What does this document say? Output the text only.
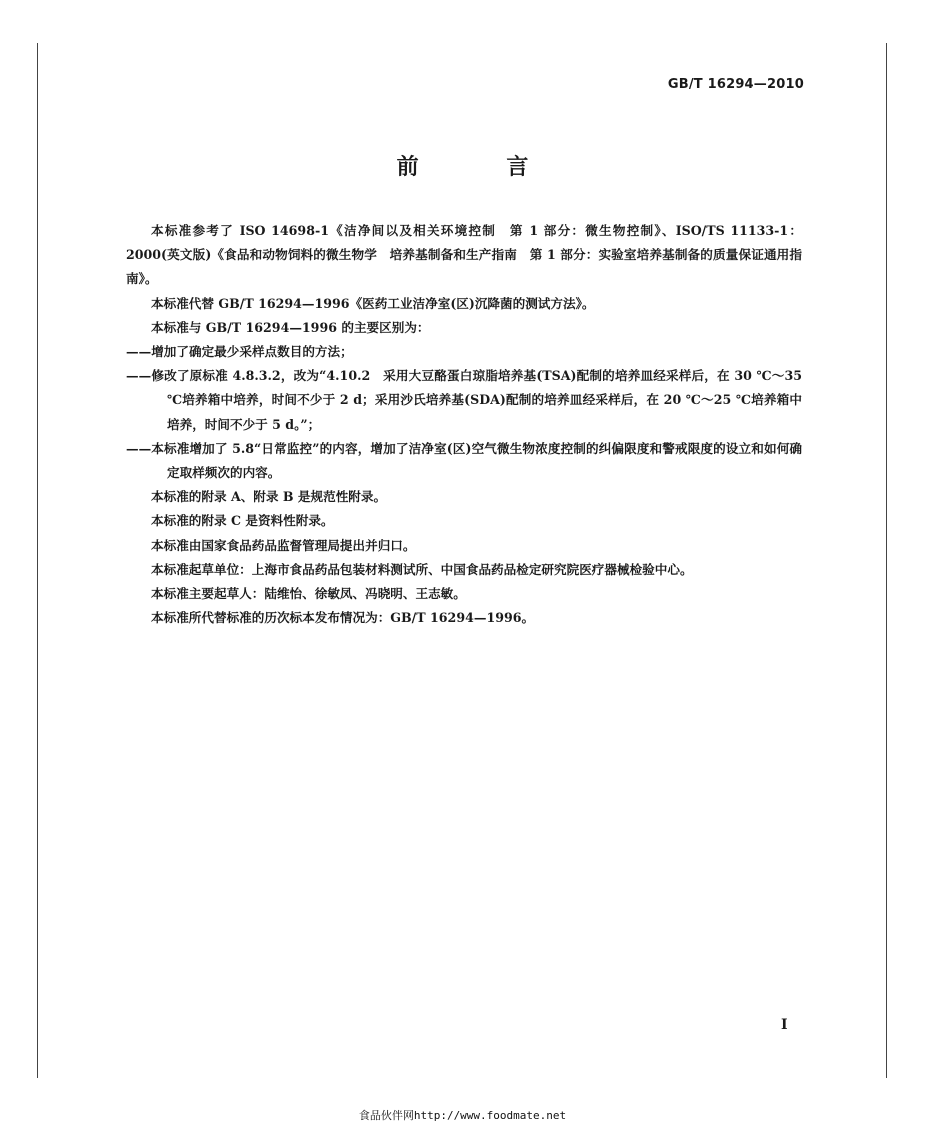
GB/T 16294—2010
前 言

本标准参考了 ISO 14698-1《洁净间以及相关环境控制　第 1 部分：微生物控制》、ISO/TS 11133-1：2000(英文版)《食品和动物饲料的微生物学　培养基制备和生产指南　第 1 部分：实验室培养基制备的质量保证通用指南》。

本标准代替 GB/T 16294—1996《医药工业洁净室(区)沉降菌的测试方法》。

本标准与 GB/T 16294—1996 的主要区别为：

——增加了确定最少采样点数目的方法；

——修改了原标准 4.8.3.2，改为“4.10.2　采用大豆酪蛋白琼脂培养基(TSA)配制的培养皿经采样后，在 30 ℃～35 ℃培养箱中培养，时间不少于 2 d；采用沙氏培养基(SDA)配制的培养皿经采样后，在 20 ℃～25 ℃培养箱中培养，时间不少于 5 d。”；

——本标准增加了 5.8“日常监控”的内容，增加了洁净室(区)空气微生物浓度控制的纠偏限度和警戒限度的设立和如何确定取样频次的内容。

本标准的附录 A、附录 B 是规范性附录。

本标准的附录 C 是资料性附录。

本标准由国家食品药品监督管理局提出并归口。

本标准起草单位：上海市食品药品包装材料测试所、中国食品药品检定研究院医疗器械检验中心。

本标准主要起草人：陆维怡、徐敏凤、冯晓明、王志敏。

本标准所代替标准的历次标本发布情况为：GB/T 16294—1996。

I
食品伙伴网http://www.foodmate.net
